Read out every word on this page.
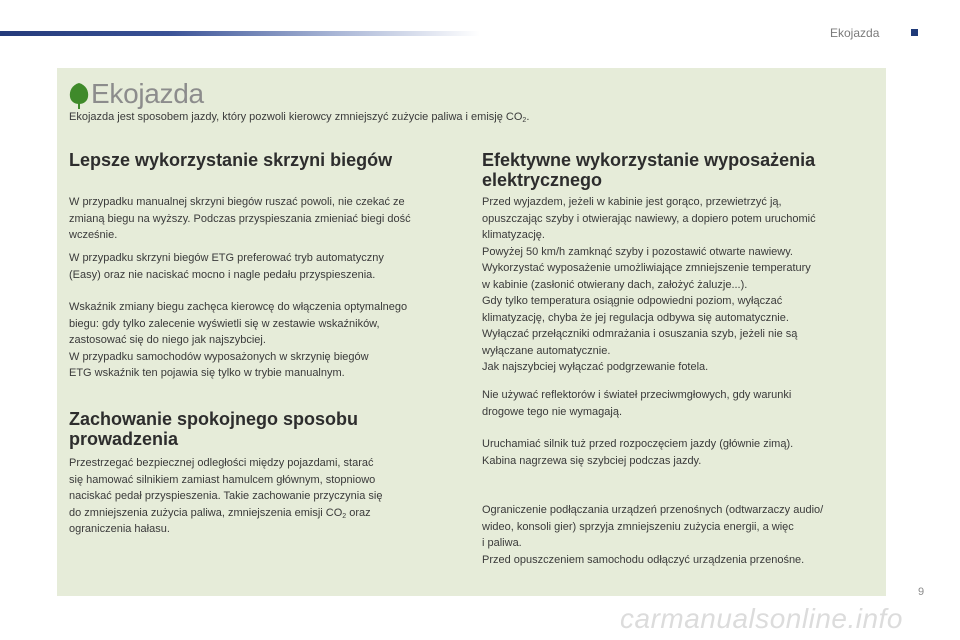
Ekojazda
Ekojazda
Ekojazda jest sposobem jazdy, który pozwoli kierowcy zmniejszyć zużycie paliwa i emisję $CO_2$.
Lepsze wykorzystanie skrzyni biegów

W przypadku manualnej skrzyni biegów ruszać powoli, nie czekać ze
zmianą biegu na wyższy. Podczas przyspieszania zmieniać biegi dość
wcześnie.

W przypadku skrzyni biegów ETG preferować tryb automatyczny
(Easy) oraz nie naciskać mocno i nagle pedału przyspieszenia.

Wskaźnik zmiany biegu zachęca kierowcę do włączenia optymalnego
biegu: gdy tylko zalecenie wyświetli się w zestawie wskaźników,
zastosować się do niego jak najszybciej.
W przypadku samochodów wyposażonych w skrzynię biegów
ETG wskaźnik ten pojawia się tylko w trybie manualnym.

Zachowanie spokojnego sposobu
prowadzenia

Przestrzegać bezpiecznej odległości między pojazdami, starać
się hamować silnikiem zamiast hamulcem głównym, stopniowo
naciskać pedał przyspieszenia. Takie zachowanie przyczynia się
do zmniejszenia zużycia paliwa, zmniejszenia emisji $CO_2$ oraz
ograniczenia hałasu.

Efektywne wykorzystanie wyposażenia
elektrycznego

Przed wyjazdem, jeżeli w kabinie jest gorąco, przewietrzyć ją,
opuszczając szyby i otwierając nawiewy, a dopiero potem uruchomić
klimatyzację.
Powyżej 50 km/h zamknąć szyby i pozostawić otwarte nawiewy.
Wykorzystać wyposażenie umożliwiające zmniejszenie temperatury
w kabinie (zasłonić otwierany dach, założyć żaluzje...).
Gdy tylko temperatura osiągnie odpowiedni poziom, wyłączać
klimatyzację, chyba że jej regulacja odbywa się automatycznie.
Wyłączać przełączniki odmrażania i osuszania szyb, jeżeli nie są
wyłączane automatycznie.
Jak najszybciej wyłączać podgrzewanie fotela.

Nie używać reflektorów i świateł przeciwmgłowych, gdy warunki
drogowe tego nie wymagają.

Uruchamiać silnik tuż przed rozpoczęciem jazdy (głównie zimą).
Kabina nagrzewa się szybciej podczas jazdy.

Ograniczenie podłączania urządzeń przenośnych (odtwarzaczy audio/
wideo, konsoli gier) sprzyja zmniejszeniu zużycia energii, a więc
i paliwa.
Przed opuszczeniem samochodu odłączyć urządzenia przenośne.

carmanualsonline.info
9
